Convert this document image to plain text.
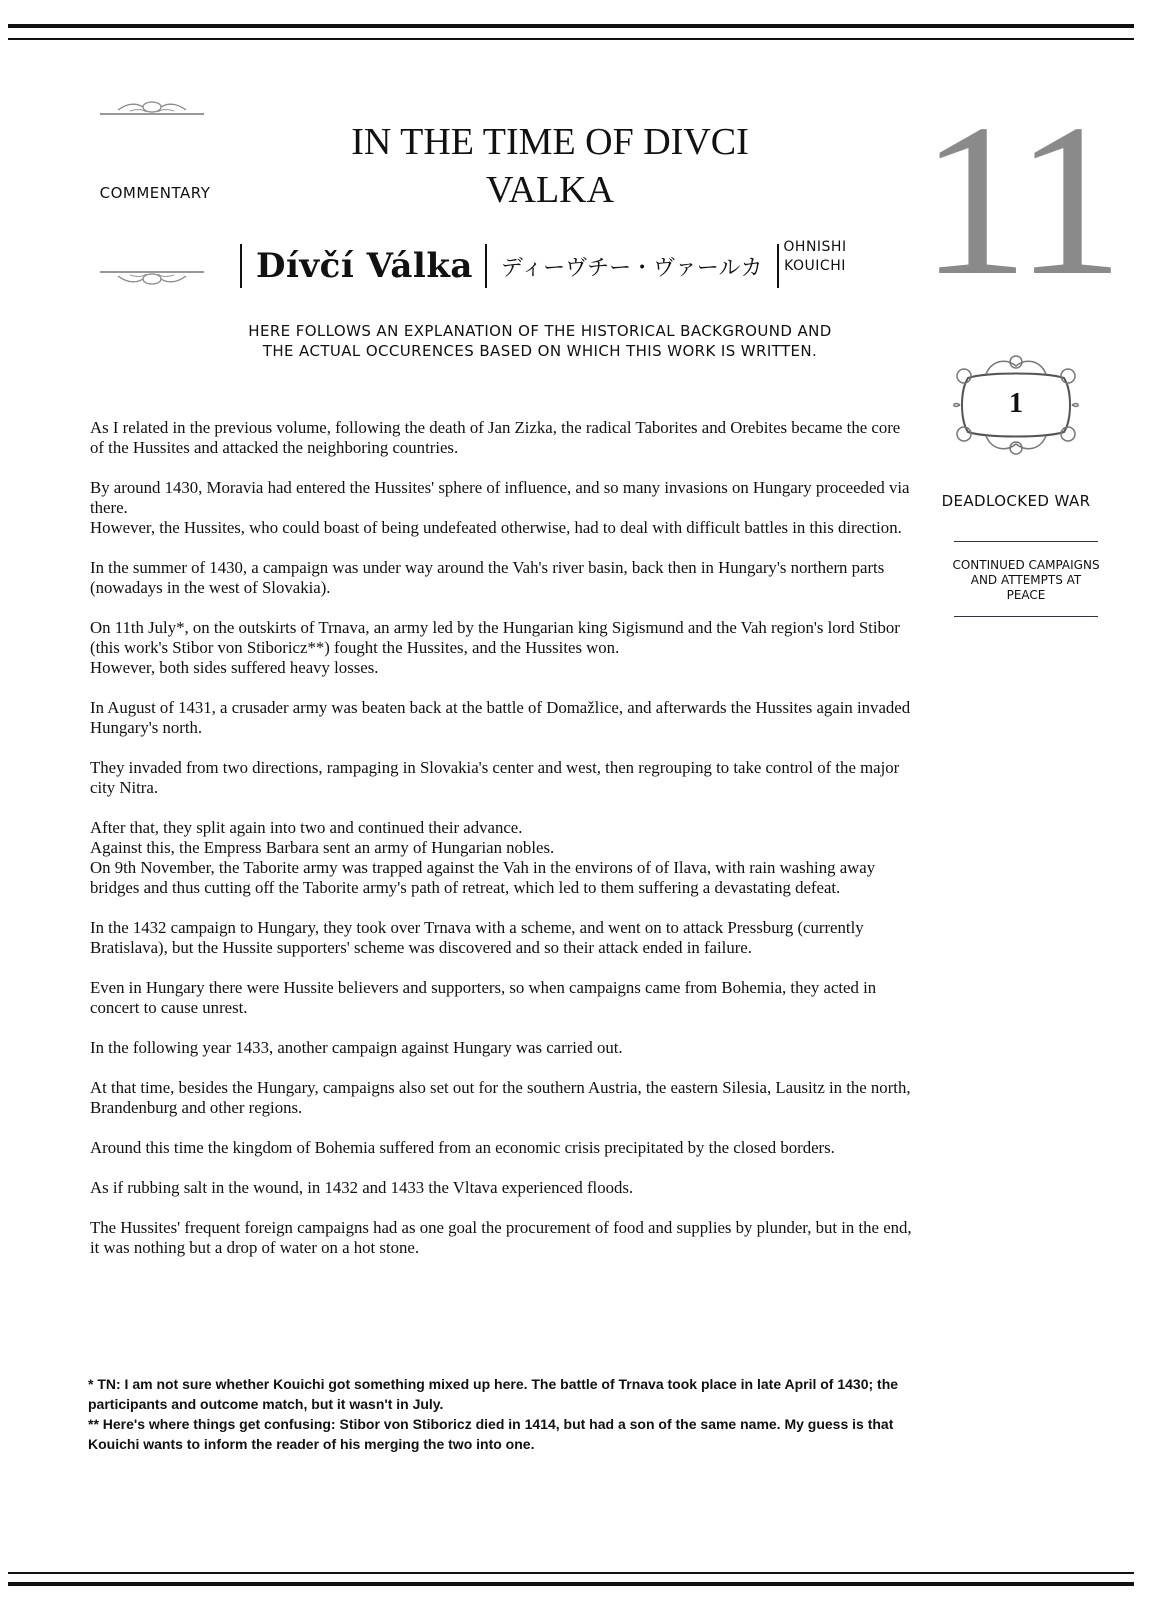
COMMENTARY
IN THE TIME OF DIVCI VALKA
Dívčí Válka	ディーヴチー・ヴァールカ
OHNISHI
KOUICHI 11
HERE FOLLOWS AN EXPLANATION OF THE HISTORICAL BACKGROUND AND THE ACTUAL OCCURENCES BASED ON WHICH THIS WORK IS WRITTEN.
1
DEADLOCKED WAR
CONTINUED CAMPAIGNS AND ATTEMPTS AT PEACE

As I related in the previous volume, following the death of Jan Zizka, the radical Taborites and Orebites became the core of the Hussites and attacked the neighboring countries.

By around 1430, Moravia had entered the Hussites' sphere of influence, and so many invasions on Hungary proceeded via there.
However, the Hussites, who could boast of being undefeated otherwise, had to deal with difficult battles in this direction.

In the summer of 1430, a campaign was under way around the Vah's river basin, back then in Hungary's northern parts (nowadays in the west of Slovakia).

On 11th July*, on the outskirts of Trnava, an army led by the Hungarian king Sigismund and the Vah region's lord Stibor (this work's Stibor von Stiboricz**) fought the Hussites, and the Hussites won.
However, both sides suffered heavy losses.

In August of 1431, a crusader army was beaten back at the battle of Domažlice, and afterwards the Hussites again invaded Hungary's north.

They invaded from two directions, rampaging in Slovakia's center and west, then regrouping to take control of the major city Nitra.

After that, they split again into two and continued their advance.
Against this, the Empress Barbara sent an army of Hungarian nobles.
On 9th November, the Taborite army was trapped against the Vah in the environs of of Ilava, with rain washing away bridges and thus cutting off the Taborite army's path of retreat, which led to them suffering a devastating defeat.

In the 1432 campaign to Hungary, they took over Trnava with a scheme, and went on to attack Pressburg (currently Bratislava), but the Hussite supporters' scheme was discovered and so their attack ended in failure.

Even in Hungary there were Hussite believers and supporters, so when campaigns came from Bohemia, they acted in concert to cause unrest.

In the following year 1433, another campaign against Hungary was carried out.

At that time, besides the Hungary, campaigns also set out for the southern Austria, the eastern Silesia, Lausitz in the north, Brandenburg and other regions.

Around this time the kingdom of Bohemia suffered from an economic crisis precipitated by the closed borders.

As if rubbing salt in the wound, in 1432 and 1433 the Vltava experienced floods.

The Hussites' frequent foreign campaigns had as one goal the procurement of food and supplies by plunder, but in the end, it was nothing but a drop of water on a hot stone.

* TN: I am not sure whether Kouichi got something mixed up here. The battle of Trnava took place in late April of 1430; the participants and outcome match, but it wasn't in July.
** Here's where things get confusing: Stibor von Stiboricz died in 1414, but had a son of the same name. My guess is that Kouichi wants to inform the reader of his merging the two into one.
